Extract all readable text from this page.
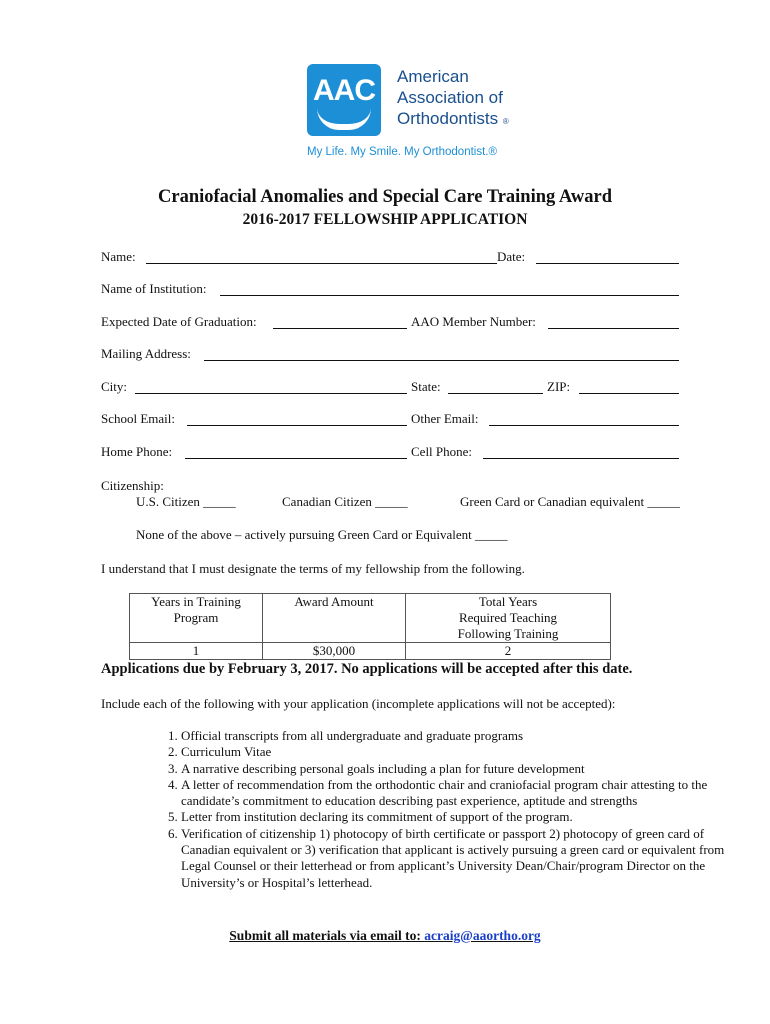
AAC	American
Association of
Orthodontists ®
My Life. My Smile. My Orthodontist.®
Craniofacial Anomalies and Special Care Training Award
2016-2017 FELLOWSHIP APPLICATION
Name:	Date:
Name of Institution:
Expected Date of Graduation:	AAO Member Number:
Mailing Address:
City:	State:	ZIP:
School Email:	Other Email:
Home Phone:	Cell Phone:
Citizenship:
U.S. Citizen _____	Canadian Citizen _____	Green Card or Canadian equivalent _____
None of the above – actively pursuing Green Card or Equivalent _____
I understand that I must designate the terms of my fellowship from the following.
Years in Training Program	Award Amount	Total Years Required Teaching Following Training
1	$30,000	2
Applications due by February 3, 2017. No applications will be accepted after this date.
Include each of the following with your application (incomplete applications will not be accepted):
1. Official transcripts from all undergraduate and graduate programs
2. Curriculum Vitae
3. A narrative describing personal goals including a plan for future development
4. A letter of recommendation from the orthodontic chair and craniofacial program chair attesting to the candidate’s commitment to education describing past experience, aptitude and strengths
5. Letter from institution declaring its commitment of support of the program.
6. Verification of citizenship 1) photocopy of birth certificate or passport 2) photocopy of green card of Canadian equivalent or 3) verification that applicant is actively pursuing a green card or equivalent from Legal Counsel or their letterhead or from applicant’s University Dean/Chair/program Director on the University’s or Hospital’s letterhead.
Submit all materials via email to: acraig@aaortho.org
